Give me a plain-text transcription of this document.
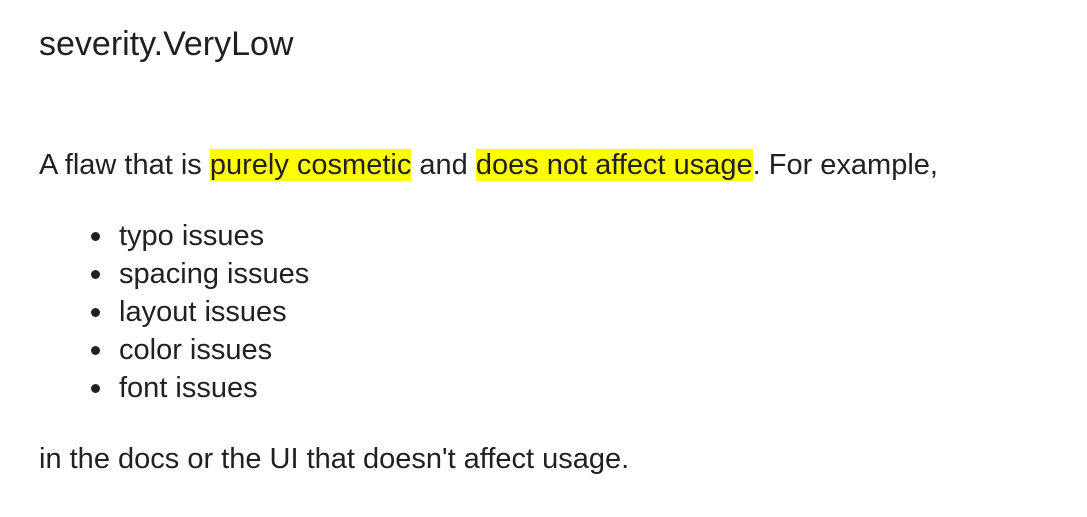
severity.VeryLow

A flaw that is purely cosmetic and does not affect usage. For example,

typo issues
spacing issues
layout issues
color issues
font issues

in the docs or the UI that doesn't affect usage.
